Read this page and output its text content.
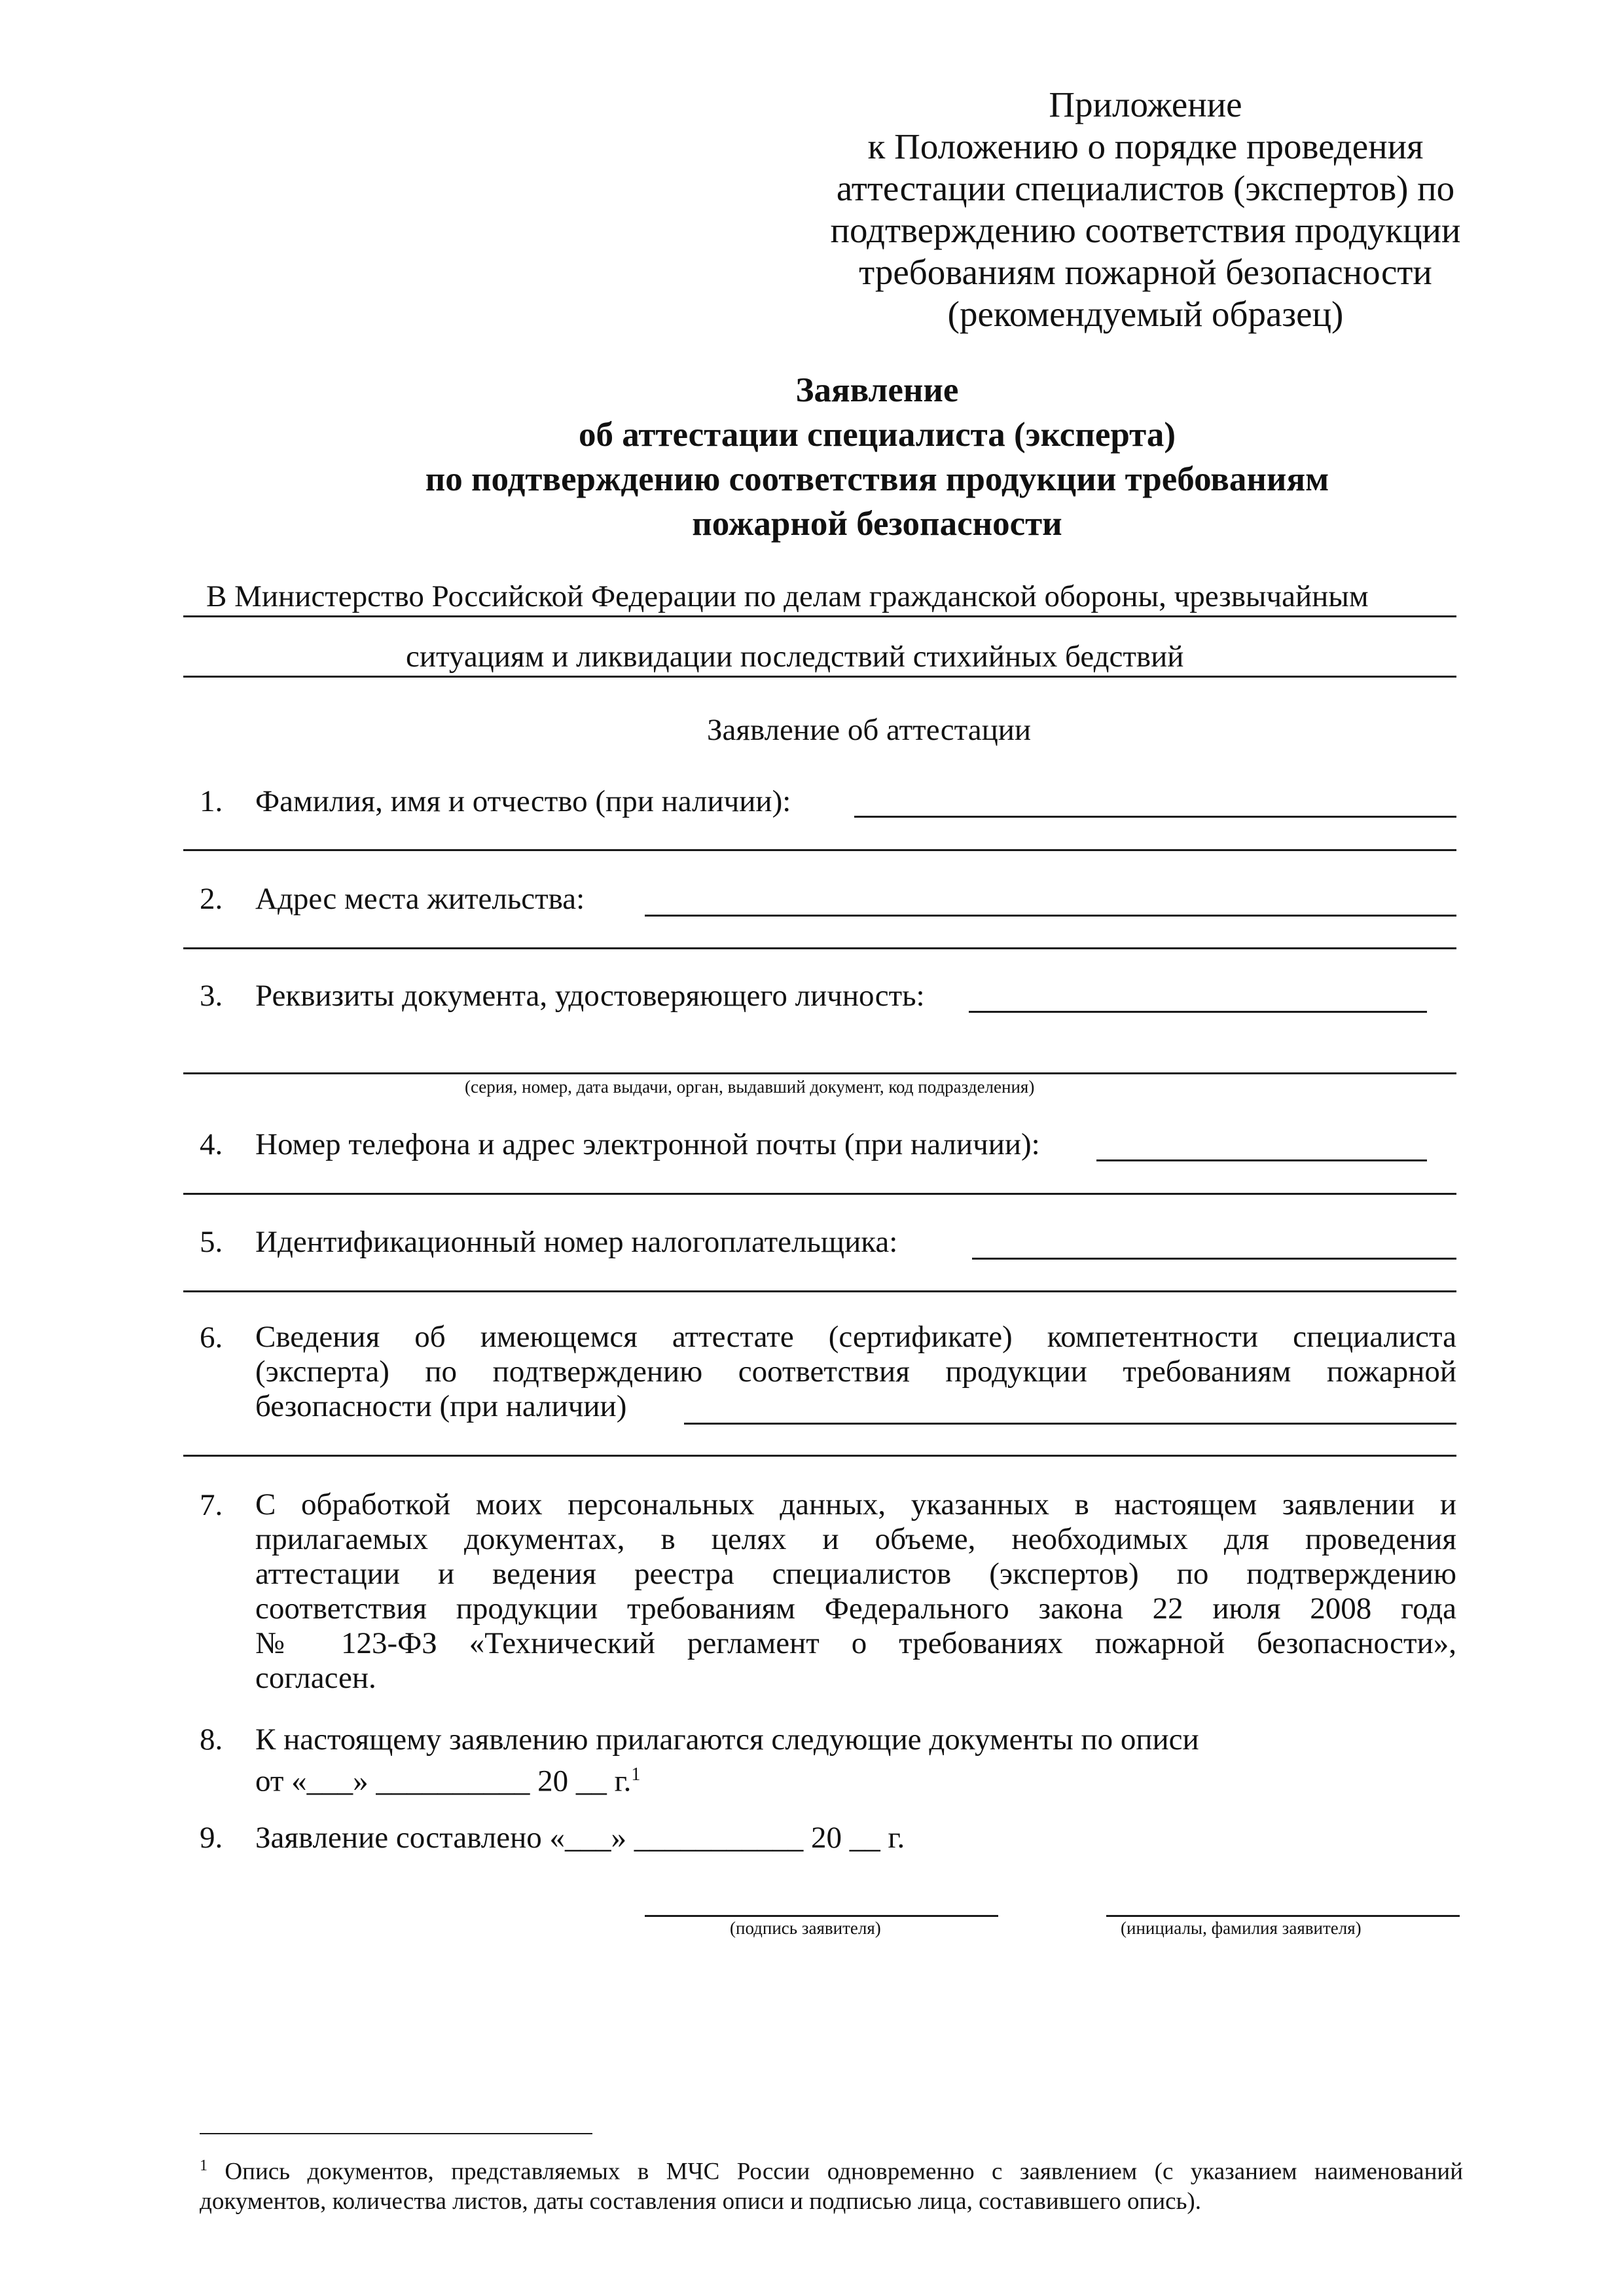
Приложение
к Положению о порядке проведения
аттестации специалистов (экспертов) по
подтверждению соответствия продукции
требованиям пожарной безопасности
(рекомендуемый образец)
Заявление
об аттестации специалиста (эксперта)
по подтверждению соответствия продукции требованиям
пожарной безопасности
В Министерство Российской Федерации по делам гражданской обороны, чрезвычайным
ситуациям и ликвидации последствий стихийных бедствий
Заявление об аттестации
1. Фамилия, имя и отчество (при наличии):
2. Адрес места жительства:
3. Реквизиты документа, удостоверяющего личность:
(серия, номер, дата выдачи, орган, выдавший документ, код подразделения)
4. Номер телефона и адрес электронной почты (при наличии):
5. Идентификационный номер налогоплательщика:
6. Сведения об имеющемся аттестате (сертификате) компетентности специалиста
(эксперта) по подтверждению соответствия продукции требованиям пожарной
безопасности (при наличии)
7. С обработкой моих персональных данных, указанных в настоящем заявлении и
прилагаемых документах, в целях и объеме, необходимых для проведения
аттестации и ведения реестра специалистов (экспертов) по подтверждению
соответствия продукции требованиям Федерального закона 22 июля 2008 года
№ 123-ФЗ «Технический регламент о требованиях пожарной безопасности»,
согласен.
8. К настоящему заявлению прилагаются следующие документы по описи
от «___» __________ 20 __ г.$^1$
9. Заявление составлено «___» ___________ 20 __ г.
(подпись заявителя)	(инициалы, фамилия заявителя)
$^1$ Опись документов, представляемых в МЧС России одновременно с заявлением (с указанием наименований
документов, количества листов, даты составления описи и подписью лица, составившего опись).
